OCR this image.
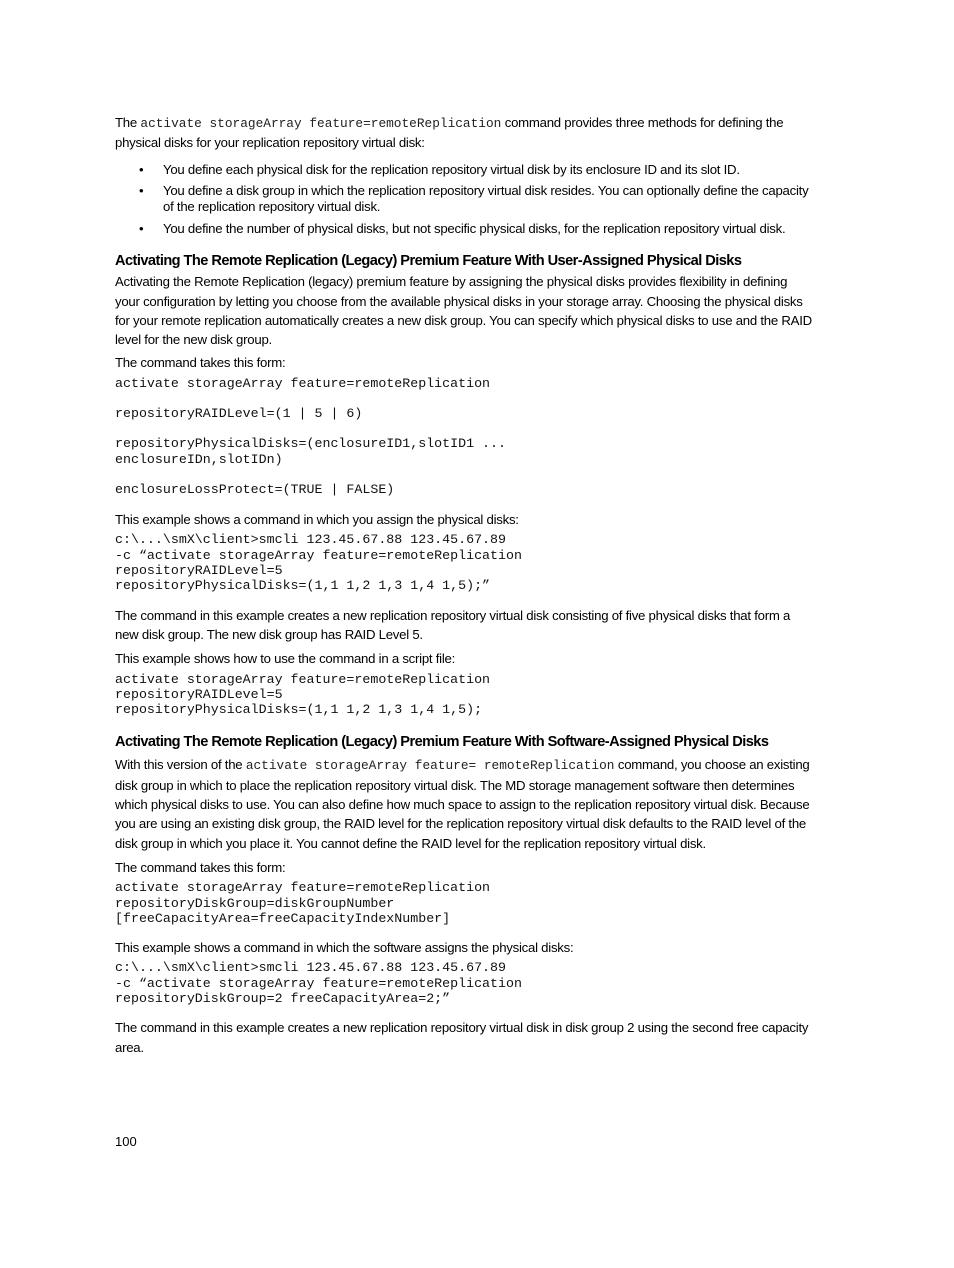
The activate storageArray feature=remoteReplication command provides three methods for defining the physical disks for your replication repository virtual disk:

• You define each physical disk for the replication repository virtual disk by its enclosure ID and its slot ID.
• You define a disk group in which the replication repository virtual disk resides. You can optionally define the capacity of the replication repository virtual disk.
• You define the number of physical disks, but not specific physical disks, for the replication repository virtual disk.
Activating The Remote Replication (Legacy) Premium Feature With User-Assigned Physical Disks

Activating the Remote Replication (legacy) premium feature by assigning the physical disks provides flexibility in defining your configuration by letting you choose from the available physical disks in your storage array. Choosing the physical disks for your remote replication automatically creates a new disk group. You can specify which physical disks to use and the RAID level for the new disk group.

The command takes this form:

activate storageArray feature=remoteReplication
repositoryRAIDLevel=(1 | 5 | 6)
repositoryPhysicalDisks=(enclosureID1,slotID1 ...
enclosureIDn,slotIDn)
enclosureLossProtect=(TRUE | FALSE)

This example shows a command in which you assign the physical disks:

c:\...\smX\client>smcli 123.45.67.88 123.45.67.89
-c “activate storageArray feature=remoteReplication
repositoryRAIDLevel=5
repositoryPhysicalDisks=(1,1 1,2 1,3 1,4 1,5);”

The command in this example creates a new replication repository virtual disk consisting of five physical disks that form a new disk group. The new disk group has RAID Level 5.

This example shows how to use the command in a script file:

activate storageArray feature=remoteReplication
repositoryRAIDLevel=5
repositoryPhysicalDisks=(1,1 1,2 1,3 1,4 1,5);
Activating The Remote Replication (Legacy) Premium Feature With Software-Assigned Physical Disks

With this version of the activate storageArray feature= remoteReplication command, you choose an existing disk group in which to place the replication repository virtual disk. The MD storage management software then determines which physical disks to use. You can also define how much space to assign to the replication repository virtual disk. Because you are using an existing disk group, the RAID level for the replication repository virtual disk defaults to the RAID level of the disk group in which you place it. You cannot define the RAID level for the replication repository virtual disk.

The command takes this form:

activate storageArray feature=remoteReplication
repositoryDiskGroup=diskGroupNumber
[freeCapacityArea=freeCapacityIndexNumber]

This example shows a command in which the software assigns the physical disks:

c:\...\smX\client>smcli 123.45.67.88 123.45.67.89
-c “activate storageArray feature=remoteReplication
repositoryDiskGroup=2 freeCapacityArea=2;”

The command in this example creates a new replication repository virtual disk in disk group 2 using the second free capacity area.

100
